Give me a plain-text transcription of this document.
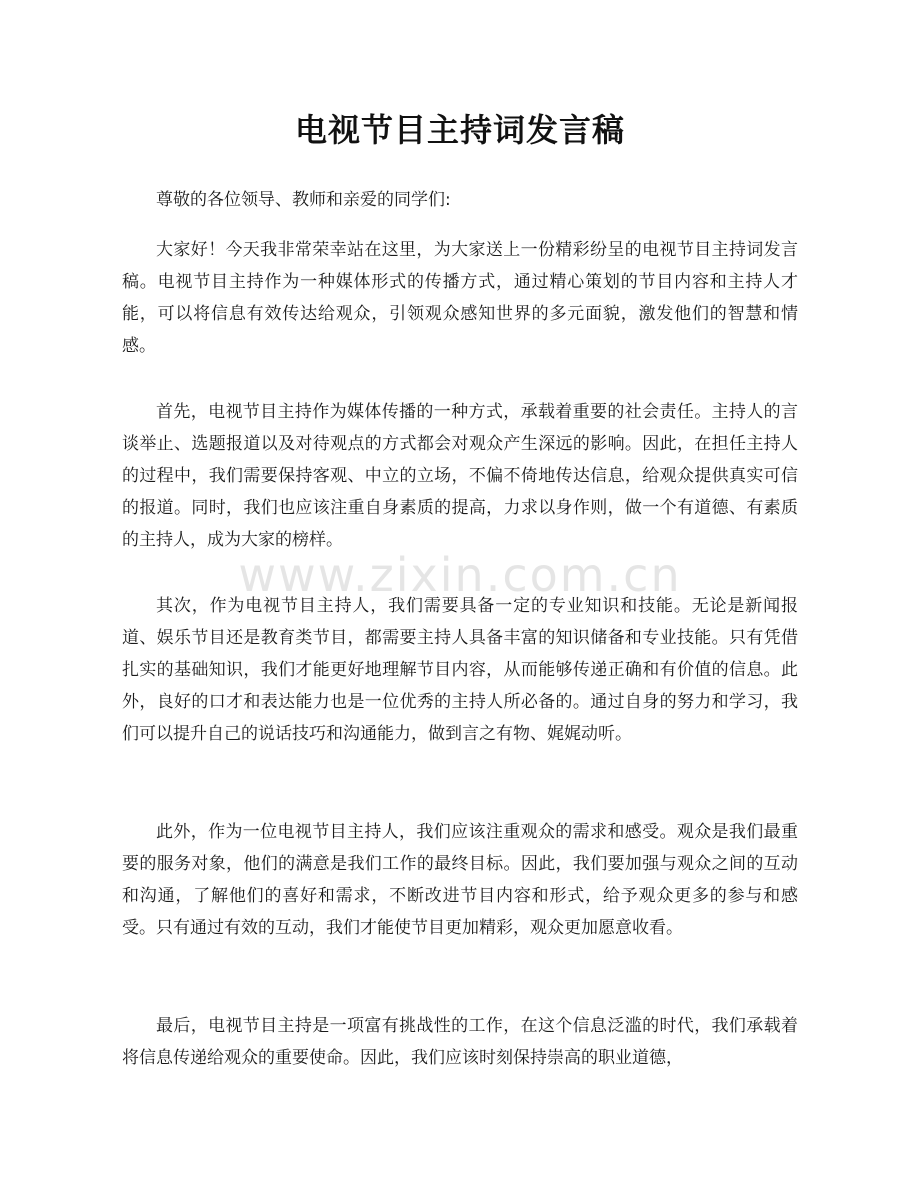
电视节目主持词发言稿
www.zixin.com.cn

尊敬的各位领导、教师和亲爱的同学们:

大家好！今天我非常荣幸站在这里，为大家送上一份精彩纷呈的电视节目主持词发言稿。电视节目主持作为一种媒体形式的传播方式，通过精心策划的节目内容和主持人才能，可以将信息有效传达给观众，引领观众感知世界的多元面貌，激发他们的智慧和情感。

首先，电视节目主持作为媒体传播的一种方式，承载着重要的社会责任。主持人的言谈举止、选题报道以及对待观点的方式都会对观众产生深远的影响。因此，在担任主持人的过程中，我们需要保持客观、中立的立场，不偏不倚地传达信息，给观众提供真实可信的报道。同时，我们也应该注重自身素质的提高，力求以身作则，做一个有道德、有素质的主持人，成为大家的榜样。

其次，作为电视节目主持人，我们需要具备一定的专业知识和技能。无论是新闻报道、娱乐节目还是教育类节目，都需要主持人具备丰富的知识储备和专业技能。只有凭借扎实的基础知识，我们才能更好地理解节目内容，从而能够传递正确和有价值的信息。此外，良好的口才和表达能力也是一位优秀的主持人所必备的。通过自身的努力和学习，我们可以提升自己的说话技巧和沟通能力，做到言之有物、娓娓动听。

此外，作为一位电视节目主持人，我们应该注重观众的需求和感受。观众是我们最重要的服务对象，他们的满意是我们工作的最终目标。因此，我们要加强与观众之间的互动和沟通，了解他们的喜好和需求，不断改进节目内容和形式，给予观众更多的参与和感受。只有通过有效的互动，我们才能使节目更加精彩，观众更加愿意收看。

最后，电视节目主持是一项富有挑战性的工作，在这个信息泛滥的时代，我们承载着将信息传递给观众的重要使命。因此，我们应该时刻保持崇高的职业道德，
